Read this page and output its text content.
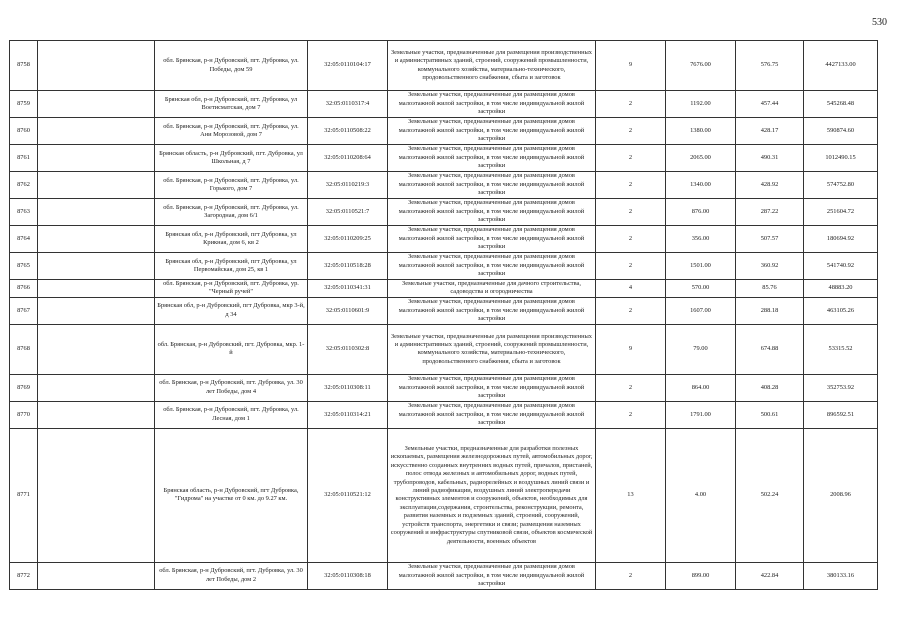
530
8758		обл. Брянская, р-н Дубровский, пгт. Дубровка, ул. Победы, дом 59	32:05:0110104:17	Земельные участки, предназначенные для размещения производственных и административных зданий, строений, сооружений промышленности, коммунального хозяйства, материально-технического, продовольственного снабжения, сбыта и заготовок	9	7676.00	576.75	4427133.00
8759		Брянская обл, р-н Дубровский, пгт. Дубровка, ул Воетисматская, дом 7	32:05:0110317:4	Земельные участки, предназначенные для размещения домов малоэтажной жилой застройки, в том числе индивидуальной жилой застройки	2	1192.00	457.44	545268.48
8760		обл. Брянская, р-н Дубровский, пгт. Дубровка, ул. Ани Морозовой, дом 7	32:05:0110508:22	Земельные участки, предназначенные для размещения домов малоэтажной жилой застройки, в том числе индивидуальной жилой застройки	2	1380.00	428.17	590874.60
8761		Брянская область, р-н Дубровский, пгт. Дубровка, ул Школьная, д 7	32:05:0110208:64	Земельные участки, предназначенные для размещения домов малоэтажной жилой застройки, в том числе индивидуальной жилой застройки	2	2065.00	490.31	1012490.15
8762		обл. Брянская, р-н Дубровский, пгт. Дубровка, ул. Горького, дом 7	32:05:0110219:3	Земельные участки, предназначенные для размещения домов малоэтажной жилой застройки, в том числе индивидуальной жилой застройки	2	1340.00	428.92	574752.80
8763		обл. Брянская, р-н Дубровский, пгт. Дубровка, ул. Загородная, дом 6/1	32:05:0110521:7	Земельные участки, предназначенные для размещения домов малоэтажной жилой застройки, в том числе индивидуальной жилой застройки	2	876.00	287.22	251604.72
8764		Брянская обл, р-н Дубровский, пгт Дубровка, ул Крикная, дом 6, кв 2	32:05:0110209:25	Земельные участки, предназначенные для размещения домов малоэтажной жилой застройки, в том числе индивидуальной жилой застройки	2	356.00	507.57	180694.92
8765		Брянская обл, р-н Дубровский, пгт Дубровка, ул Первомайская, дом 25, кв 1	32:05:0110518:28	Земельные участки, предназначенные для размещения домов малоэтажной жилой застройки, в том числе индивидуальной жилой застройки	2	1501.00	360.92	541740.92
8766		обл. Брянская, р-н Дубровский, пгт. Дубровка, ур. "Черный ручей"	32:05:0110341:31	Земельные участки, предназначенные для дачного строительства, садоводства и огородничества	4	570.00	85.76	48883.20
8767		Брянская обл, р-н Дубровский, пгт Дубровка, мкр 3-й, д 34	32:05:0110601:9	Земельные участки, предназначенные для размещения домов малоэтажной жилой застройки, в том числе индивидуальной жилой застройки	2	1607.00	288.18	463105.26
8768		обл. Брянская, р-н Дубровский, пгт. Дубровка, мкр. 1-й	32:05:0110302:8	Земельные участки, предназначенные для размещения производственных и административных зданий, строений, сооружений промышленности, коммунального хозяйства, материально-технического, продовольственного снабжения, сбыта и заготовок	9	79.00	674.88	53315.52
8769		обл. Брянская, р-н Дубровский, пгт. Дубровка, ул. 30 лет Победы, дом 4	32:05:0110308:11	Земельные участки, предназначенные для размещения домов малоэтажной жилой застройки, в том числе индивидуальной жилой застройки	2	864.00	408.28	352753.92
8770		обл. Брянская, р-н Дубровский, пгт. Дубровка, ул. Лесная, дом 1	32:05:0110314:21	Земельные участки, предназначенные для размещения домов малоэтажной жилой застройки, в том числе индивидуальной жилой застройки	2	1791.00	500.61	896592.51
8771		Брянская область, р-н Дубровский, пгт Дубровка, "Гидрома" на участке от 0 км. до 9.27 км.	32:05:0110521:12	Земельные участки, предназначенные для разработки полезных ископаемых, размещения железнодорожных путей, автомобильных дорог, искусственно созданных внутренних водных путей, причалов, пристаней, полос отвода железных и автомобильных дорог, водных путей, трубопроводов, кабельных, радиорелейных и воздушных линий связи и линий радиофикации, воздушных линий электропередачи конструктивных элементов и сооружений, объектов, необходимых для эксплуатации,содержания, строительства, реконструкции, ремонта, развития наземных и подземных зданий, строений, сооружений, устройств транспорта, энергетики и связи; размещения наземных сооружений и инфраструктуры спутниковой связи, объектов космической деятельности, военных объектов	13	4.00	502.24	2008.96
8772		обл. Брянская, р-н Дубровский, пгт. Дубровка, ул. 30 лет Победы, дом 2	32:05:0110308:18	Земельные участки, предназначенные для размещения домов малоэтажной жилой застройки, в том числе индивидуальной жилой застройки	2	899.00	422.84	380133.16
